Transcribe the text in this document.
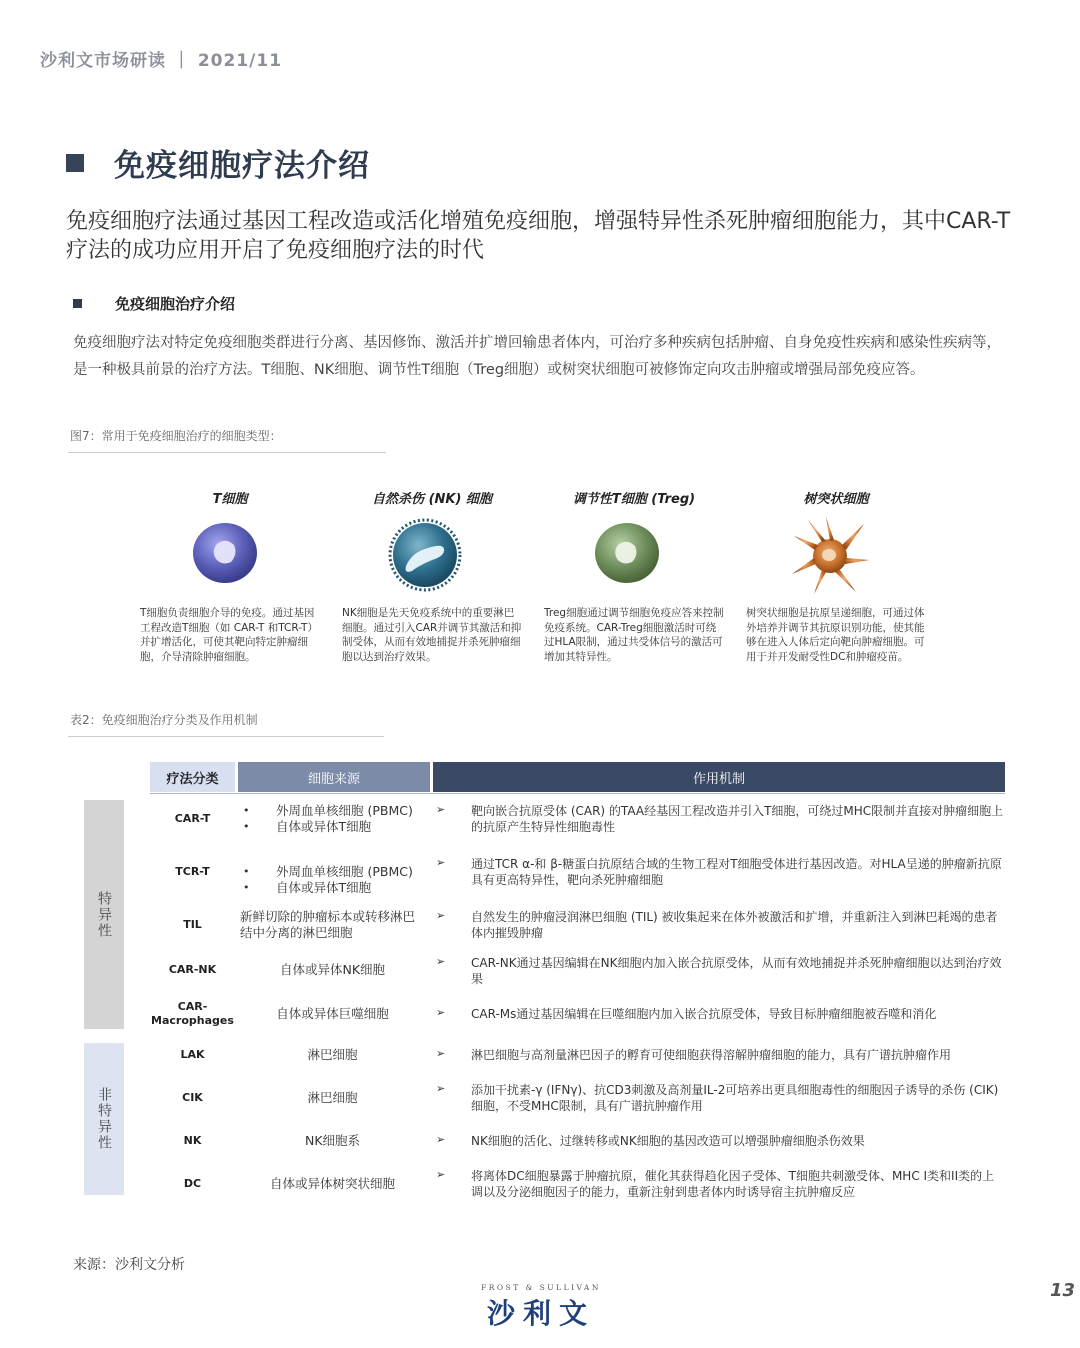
沙利文市场研读 ｜ 2021/11
免疫细胞疗法介绍
免疫细胞疗法通过基因工程改造或活化增殖免疫细胞，增强特异性杀死肿瘤细胞能力，其中CAR-T疗法的成功应用开启了免疫细胞疗法的时代
免疫细胞治疗介绍
免疫细胞疗法对特定免疫细胞类群进行分离、基因修饰、激活并扩增回输患者体内，可治疗多种疾病包括肿瘤、自身免疫性疾病和感染性疾病等，是一种极具前景的治疗方法。T细胞、NK细胞、调节性T细胞（Treg细胞）或树突状细胞可被修饰定向攻击肿瘤或增强局部免疫应答。
图7：常用于免疫细胞治疗的细胞类型：
T细胞
T细胞负责细胞介导的免疫。通过基因工程改造T细胞（如 CAR-T 和TCR-T）并扩增活化，可使其靶向特定肿瘤细胞，介导清除肿瘤细胞。
自然杀伤 (NK) 细胞
NK细胞是先天免疫系统中的重要淋巴细胞。通过引入CAR并调节其激活和抑制受体，从而有效地捕捉并杀死肿瘤细胞以达到治疗效果。
调节性T细胞 (Treg)
Treg细胞通过调节细胞免疫应答来控制免疫系统。CAR-Treg细胞激活时可绕过HLA限制，通过共受体信号的激活可增加其特异性。
树突状细胞
树突状细胞是抗原呈递细胞，可通过体外培养并调节其抗原识别功能，使其能够在进入人体后定向靶向肿瘤细胞。可用于并开发耐受性DC和肿瘤疫苗。
表2：免疫细胞治疗分类及作用机制
疗法分类	细胞来源	作用机制
特异性
非特异性
CAR-T
• 外周血单核细胞 (PBMC)
• 自体或异体T细胞
➢ 靶向嵌合抗原受体 (CAR) 的TAA经基因工程改造并引入T细胞，可绕过MHC限制并直接对肿瘤细胞上的抗原产生特异性细胞毒性
TCR-T
•	外周血单核细胞 (PBMC)
• 自体或异体T细胞
➢ 通过TCR α-和 β-糖蛋白抗原结合域的生物工程对T细胞受体进行基因改造。对HLA呈递的肿瘤新抗原具有更高特异性，靶向杀死肿瘤细胞
TIL
新鲜切除的肿瘤标本或转移淋巴结中分离的淋巴细胞
➢ 自然发生的肿瘤浸润淋巴细胞 (TIL) 被收集起来在体外被激活和扩增，并重新注入到淋巴耗竭的患者体内摧毁肿瘤
CAR-NK	自体或异体NK细胞
➢ CAR-NK通过基因编辑在NK细胞内加入嵌合抗原受体，从而有效地捕捉并杀死肿瘤细胞以达到治疗效果
CAR-Macrophages	自体或异体巨噬细胞	➢ CAR-Ms通过基因编辑在巨噬细胞内加入嵌合抗原受体，导致目标肿瘤细胞被吞噬和消化
LAK	淋巴细胞	➢ 淋巴细胞与高剂量淋巴因子的孵育可使细胞获得溶解肿瘤细胞的能力，具有广谱抗肿瘤作用
CIK	淋巴细胞
➢ 添加干扰素-γ (IFNγ)、抗CD3刺激及高剂量IL-2可培养出更具细胞毒性的细胞因子诱导的杀伤 (CIK) 细胞，不受MHC限制，具有广谱抗肿瘤作用
NK	NK细胞系	➢ NK细胞的活化、过继转移或NK细胞的基因改造可以增强肿瘤细胞杀伤效果
DC	自体或异体树突状细胞
➢ 将离体DC细胞暴露于肿瘤抗原，催化其获得趋化因子受体、T细胞共刺激受体、MHC I类和II类的上调以及分泌细胞因子的能力，重新注射到患者体内时诱导宿主抗肿瘤反应
来源：沙利文分析
FROST & SULLIVAN
沙利文
13
